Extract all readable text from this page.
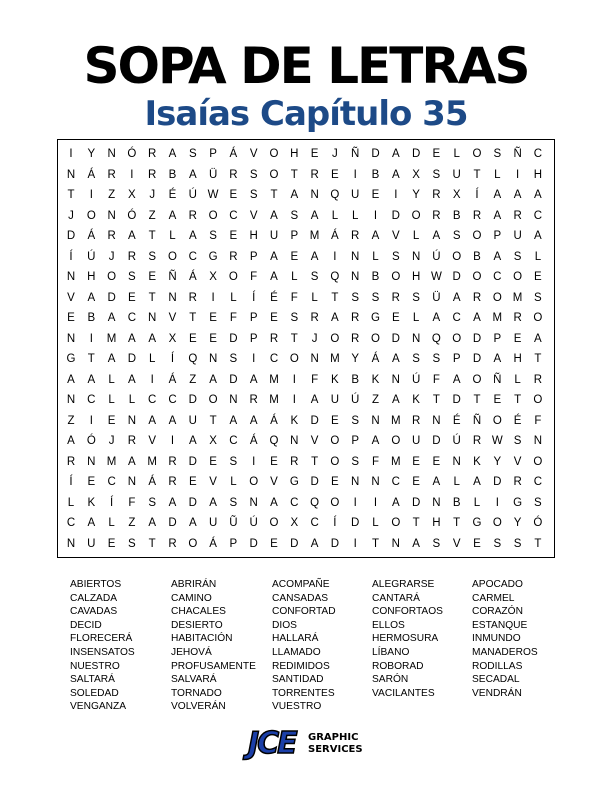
SOPA DE LETRAS
Isaías Capítulo 35
I	Y	N	Ó	R	A	S	P	Á	V	O	H	E	J	Ñ	D	A	D	E	L	O	S	Ñ	C
N	Á	R	I	R	B	A	Ü	R	S	O	T	R	E	I	B	A	X	S	U	T	L	I	H
T	I	Z	X	J	É	Ú W E	S	T	A	N	Q	U	E	I	Y	R	X	Í	A	A	A
J	O	N	Ó	Z	A	R	O	C	V	A	S	A	L	L	I	D	O	R	B	R	A	R	C
D	Á	R	A	T	L	A	S	E	H	U	P	M	Á	R	A	V	L	A	S	O	P	U	A
Í	Ú	J	R	S	O	C	G	R	P	A	E	A	I	N	L	S	N	Ú	O	B	A	S	L
N	H	O	S	E	Ñ	Á	X	O	F	A	L	S	Q	N	B	O	H W D	O	C	O	E
V	A	D	E	T	N	R	I	L	Í	É	F	L	T	S	S	R	S	Ü	A	R	O M	S
E	B	A	C	N	V	T	E	F	P	E	S	R	A	R	G	E	L	A	C	A	M R	O
N	I	M	A	A	X	E	E	D	P	R	T	J	O	R	O	D	N	Q O	D	P	E	A
G	T	A	D	L	Í	Q	N	S	I	C	O	N M	Y	Á	A	S	S	P	D	A	H	T
A	A	L	A	I	Á	Z	A	D	A	M	I	F	K	B	K	N	Ú	F	A	O	Ñ	L	R
N	C	L	L	C	C	D	O	N	R M	I	A	U	Ú	Z	A	K	T	D	T	E	T	O
Z	I	E	N	A	A	U	T	A	A	Á	K	D	E	S	N M R	N	É	Ñ	O	É	F
A	Ó	J	R	V	I	A	X	C	Á	Q	N	V	O	P	A	O	U	D	Ú	R W S	N
R	N M	A	M R	D	E	S	I	E	R	T	O	S	F	M	E	E	N	K	Y	V	O
Í	E	C	N	Á	R	E	V	L	O	V	G	D	E	N	N	C	E	A	L	A	D	R	C
L	K	Í	F	S	A	D	A	S	N	A	C	Q O	I	I	A	D	N	B	L	I	G	S
C	A	L	Z	A	D	A	U	Ũ	Ú	O	X	C	Í	D	L	O	T	H	T	G O	Y	Ó
N	U	E	S	T	R	O	Á	P	D	E	D	A	D	I	T	N	A	S	V	E	S	S	T
ABIERTOS
CALZADA
CAVADAS
DECID
FLORECERÁ
INSENSATOS
NUESTRO
SALTARÁ
SOLEDAD
VENGANZA
ABRIRÁN
CAMINO
CHACALES
DESIERTO
HABITACIÓN
JEHOVÁ
PROFUSAMENTE
SALVARÁ
TORNADO
VOLVERÁN
ACOMPAÑE
CANSADAS
CONFORTAD
DIOS
HALLARÁ
LLAMADO
REDIMIDOS
SANTIDAD
TORRENTES
VUESTRO
ALEGRARSE
CANTARÁ
CONFORTAOS
ELLOS
HERMOSURA
LÍBANO
ROBORAD
SARÓN
VACILANTES
APOCADO
CARMEL
CORAZÓN
ESTANQUE
INMUNDO
MANADEROS
RODILLAS
SECADAL
VENDRÁN
JCE GRAPHIC
SERVICES
